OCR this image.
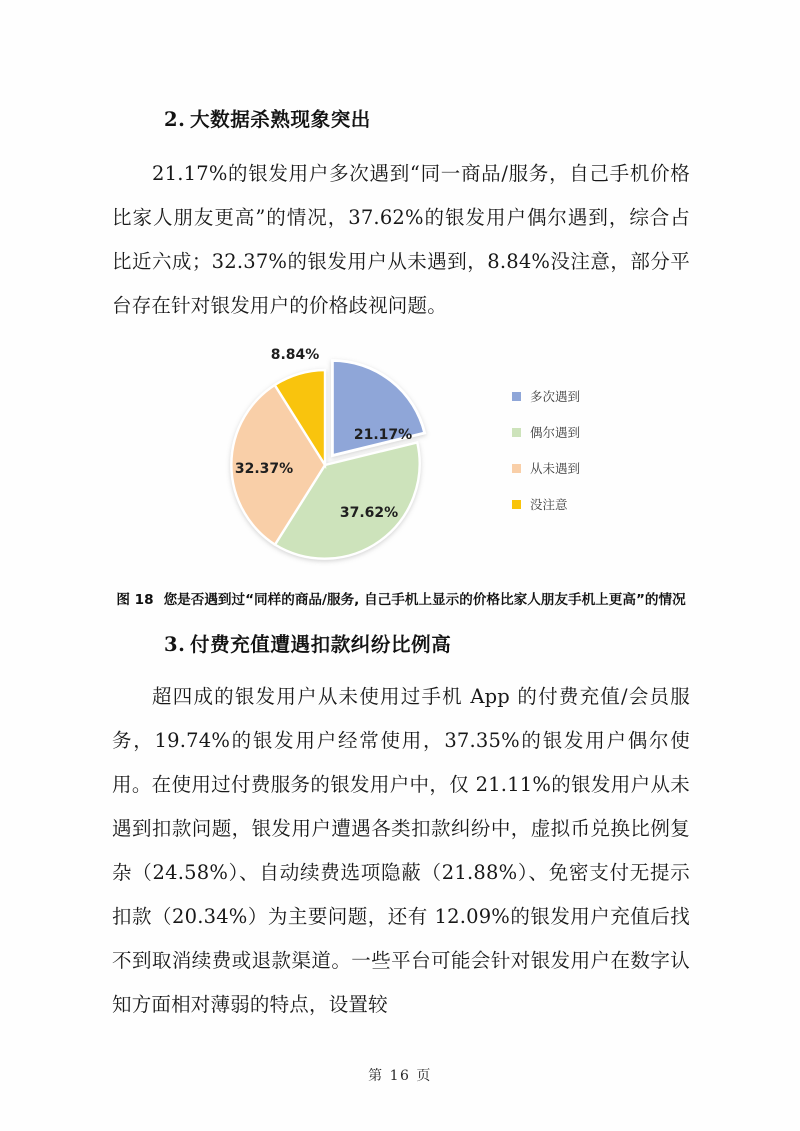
2. 大数据杀熟现象突出

21.17%的银发用户多次遇到“同一商品/服务，自己手机价格比家人朋友更高”的情况，37.62%的银发用户偶尔遇到，综合占比近六成；32.37%的银发用户从未遇到，8.84%没注意，部分平台存在针对银发用户的价格歧视问题。

21.17%
37.62%
32.37%
8.84%
多次遇到
偶尔遇到
从未遇到
没注意

图 18 您是否遇到过“同样的商品/服务, 自己手机上显示的价格比家人朋友手机上更高”的情况

3. 付费充值遭遇扣款纠纷比例高

超四成的银发用户从未使用过手机 App 的付费充值/会员服务，19.74%的银发用户经常使用，37.35%的银发用户偶尔使用。在使用过付费服务的银发用户中，仅 21.11%的银发用户从未遇到扣款问题，银发用户遭遇各类扣款纠纷中，虚拟币兑换比例复杂（24.58%）、自动续费选项隐蔽（21.88%）、免密支付无提示扣款（20.34%）为主要问题，还有 12.09%的银发用户充值后找不到取消续费或退款渠道。一些平台可能会针对银发用户在数字认知方面相对薄弱的特点，设置较

第 16 页
